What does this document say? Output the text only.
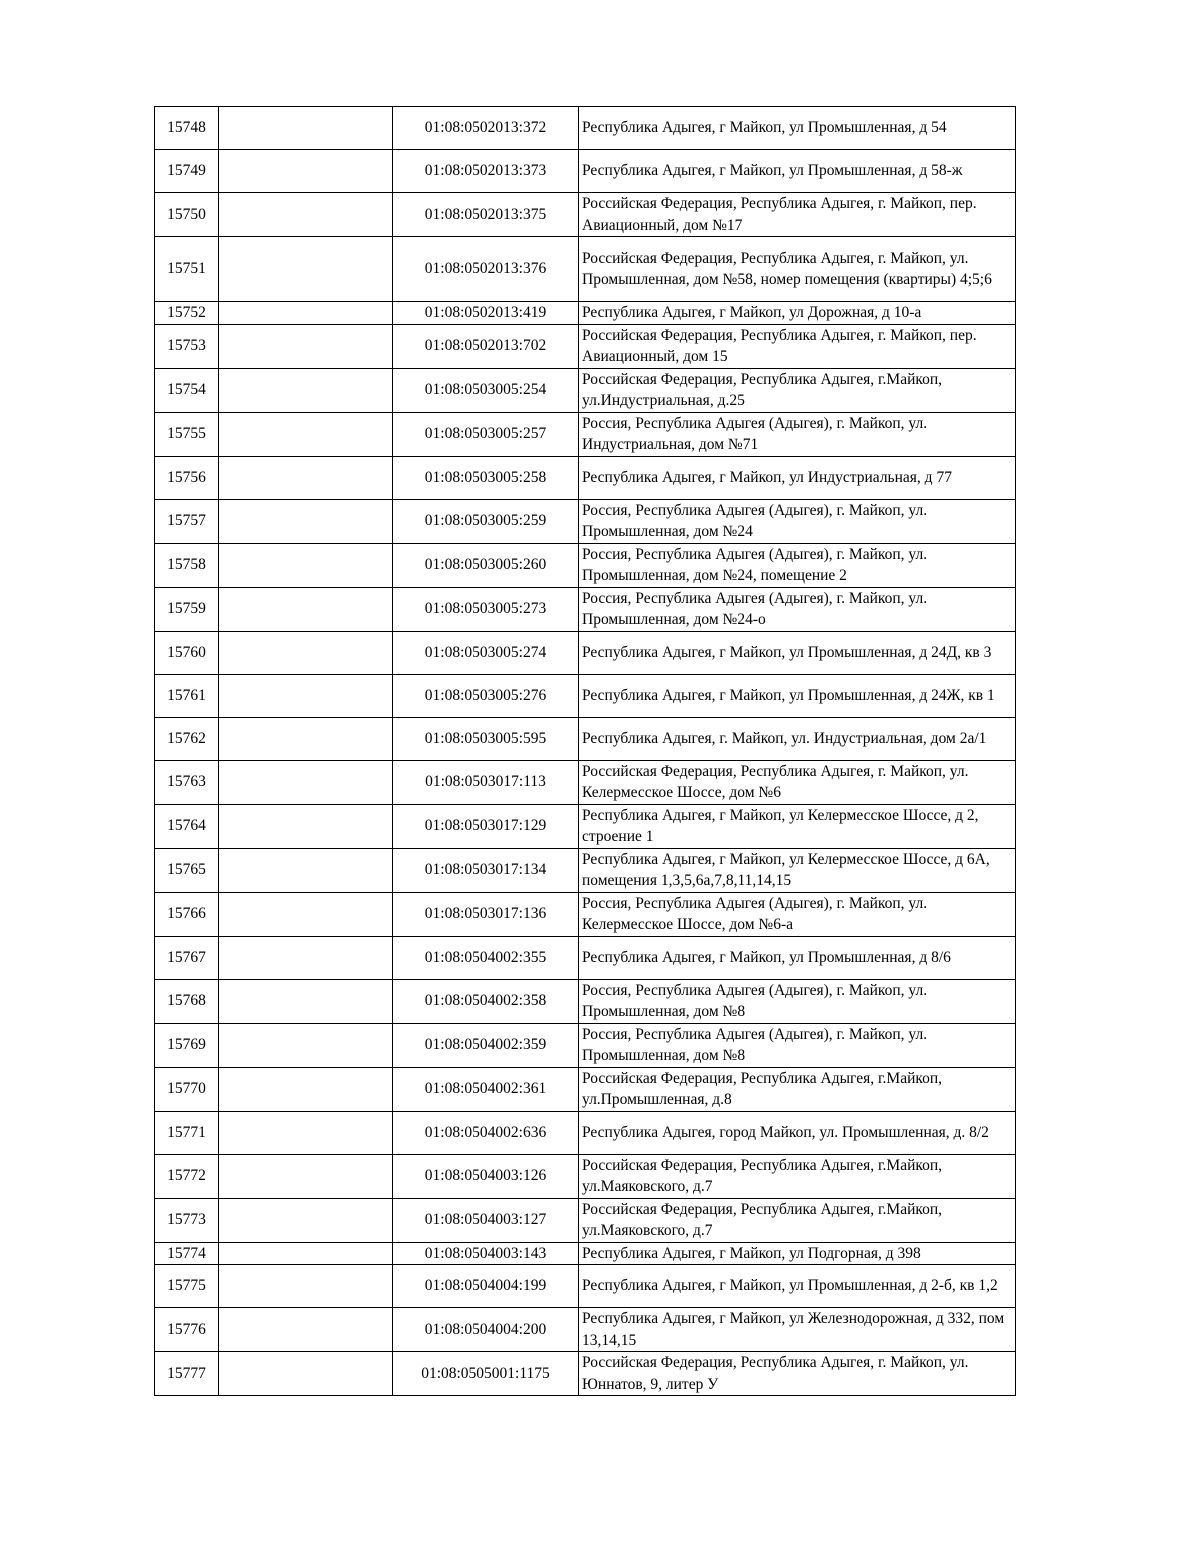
15748		01:08:0502013:372	Республика Адыгея, г Майкоп, ул Промышленная, д 54
15749		01:08:0502013:373	Республика Адыгея, г Майкоп, ул Промышленная, д 58-ж
15750		01:08:0502013:375	Российская Федерация, Республика Адыгея, г. Майкоп, пер. Авиационный, дом №17
15751		01:08:0502013:376	Российская Федерация, Республика Адыгея, г. Майкоп, ул. Промышленная, дом №58, номер помещения (квартиры) 4;5;6
15752		01:08:0502013:419	Республика Адыгея, г Майкоп, ул Дорожная, д 10-а
15753		01:08:0502013:702	Российская Федерация, Республика Адыгея, г. Майкоп, пер. Авиационный, дом 15
15754		01:08:0503005:254	Российская Федерация, Республика Адыгея, г.Майкоп, ул.Индустриальная, д.25
15755		01:08:0503005:257	Россия, Республика Адыгея (Адыгея), г. Майкоп, ул. Индустриальная, дом №71
15756		01:08:0503005:258	Республика Адыгея, г Майкоп, ул Индустриальная, д 77
15757		01:08:0503005:259	Россия, Республика Адыгея (Адыгея), г. Майкоп, ул. Промышленная, дом №24
15758		01:08:0503005:260	Россия, Республика Адыгея (Адыгея), г. Майкоп, ул. Промышленная, дом №24, помещение 2
15759		01:08:0503005:273	Россия, Республика Адыгея (Адыгея), г. Майкоп, ул. Промышленная, дом №24-о
15760		01:08:0503005:274	Республика Адыгея, г Майкоп, ул Промышленная, д 24Д, кв 3
15761		01:08:0503005:276	Республика Адыгея, г Майкоп, ул Промышленная, д 24Ж, кв 1
15762		01:08:0503005:595	Республика Адыгея, г. Майкоп, ул. Индустриальная, дом 2а/1
15763		01:08:0503017:113	Российская Федерация, Республика Адыгея, г. Майкоп, ул. Келермесское Шоссе, дом №6
15764		01:08:0503017:129	Республика Адыгея, г Майкоп, ул Келермесское Шоссе, д 2, строение 1
15765		01:08:0503017:134	Республика Адыгея, г Майкоп, ул Келермесское Шоссе, д 6А, помещения 1,3,5,6а,7,8,11,14,15
15766		01:08:0503017:136	Россия, Республика Адыгея (Адыгея), г. Майкоп, ул. Келермесское Шоссе, дом №6-а
15767		01:08:0504002:355	Республика Адыгея, г Майкоп, ул Промышленная, д 8/6
15768		01:08:0504002:358	Россия, Республика Адыгея (Адыгея), г. Майкоп, ул. Промышленная, дом №8
15769		01:08:0504002:359	Россия, Республика Адыгея (Адыгея), г. Майкоп, ул. Промышленная, дом №8
15770		01:08:0504002:361	Российская Федерация, Республика Адыгея, г.Майкоп, ул.Промышленная, д.8
15771		01:08:0504002:636	Республика Адыгея, город Майкоп, ул. Промышленная, д. 8/2
15772		01:08:0504003:126	Российская Федерация, Республика Адыгея, г.Майкоп, ул.Маяковского, д.7
15773		01:08:0504003:127	Российская Федерация, Республика Адыгея, г.Майкоп, ул.Маяковского, д.7
15774		01:08:0504003:143	Республика Адыгея, г Майкоп, ул Подгорная, д 398
15775		01:08:0504004:199	Республика Адыгея, г Майкоп, ул Промышленная, д 2-б, кв 1,2
15776		01:08:0504004:200	Республика Адыгея, г Майкоп, ул Железнодорожная, д 332, пом 13,14,15
15777		01:08:0505001:1175	Российская Федерация, Республика Адыгея, г. Майкоп, ул. Юннатов, 9, литер У
